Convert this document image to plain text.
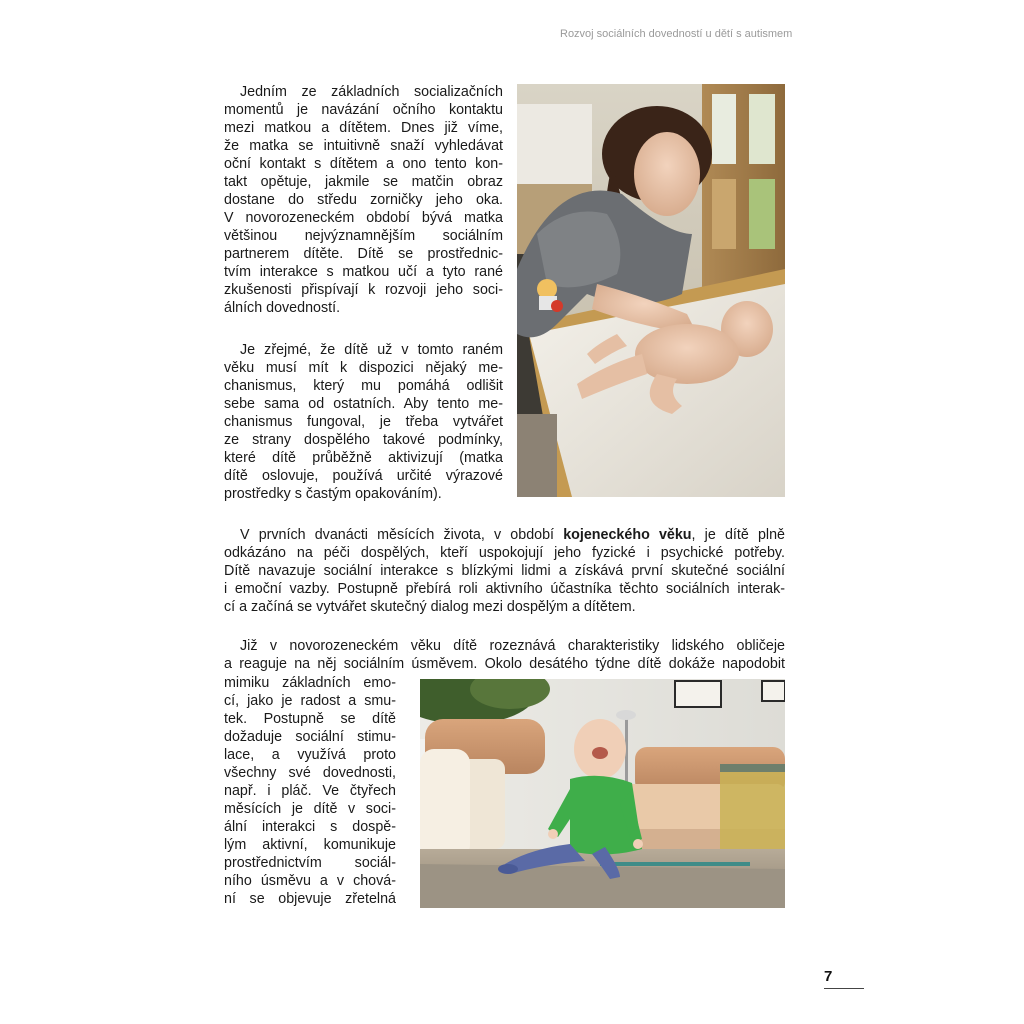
Rozvoj sociálních dovedností u dětí s autismem
Jedním ze základních socializačních
momentů je navázání očního kontaktu
mezi matkou a dítětem. Dnes již víme,
že matka se intuitivně snaží vyhledávat
oční kontakt s dítětem a ono tento kon-
takt opětuje, jakmile se matčin obraz
dostane do středu zorničky jeho oka.
V novorozeneckém období bývá matka
většinou nejvýznamnějším sociálním
partnerem dítěte. Dítě se prostřednic-
tvím interakce s matkou učí a tyto rané
zkušenosti přispívají k rozvoji jeho soci-
álních dovedností.
Je zřejmé, že dítě už v tomto raném
věku musí mít k dispozici nějaký me-
chanismus, který mu pomáhá odlišit
sebe sama od ostatních. Aby tento me-
chanismus fungoval, je třeba vytvářet
ze strany dospělého takové podmínky,
které dítě průběžně aktivizují (matka
dítě oslovuje, používá určité výrazové
prostředky s častým opakováním).
V prvních dvanácti měsících života, v období kojeneckého věku, je dítě plně
odkázáno na péči dospělých, kteří uspokojují jeho fyzické i psychické potřeby.
Dítě navazuje sociální interakce s blízkými lidmi a získává první skutečné sociální
i emoční vazby. Postupně přebírá roli aktivního účastníka těchto sociálních interak-
cí a začíná se vytvářet skutečný dialog mezi dospělým a dítětem.
Již v novorozeneckém věku dítě rozeznává charakteristiky lidského obličeje
a reaguje na něj sociálním úsměvem. Okolo desátého týdne dítě dokáže napodobit
mimiku základních emo-
cí, jako je radost a smu-
tek. Postupně se dítě
dožaduje sociální stimu-
lace, a využívá proto
všechny své dovednosti,
např. i pláč. Ve čtyřech
měsících je dítě v soci-
ální interakci s dospě-
lým aktivní, komunikuje
prostřednictvím sociál-
ního úsměvu a v chová-
ní se objevuje zřetelná
7
